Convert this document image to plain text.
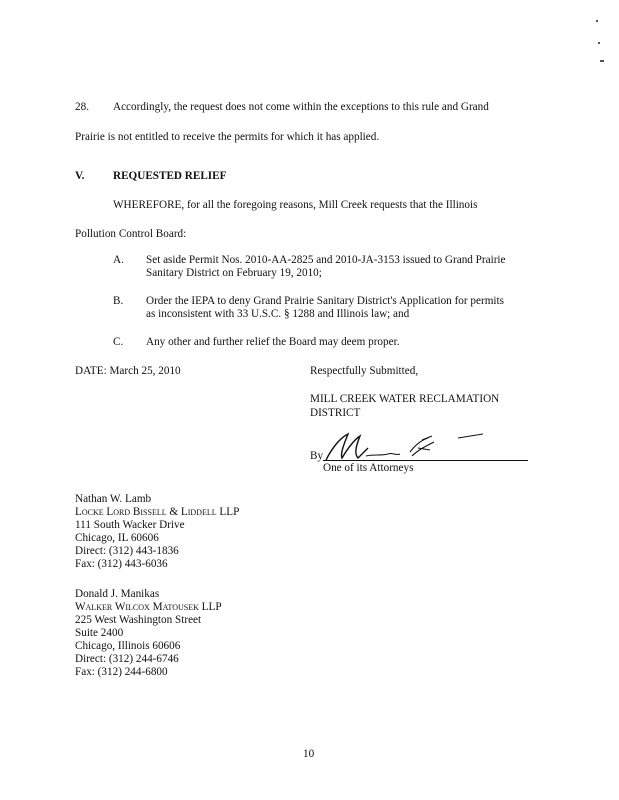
28. Accordingly, the request does not come within the exceptions to this rule and Grand
Prairie is not entitled to receive the permits for which it has applied.
V.	REQUESTED RELIEF
WHEREFORE, for all the foregoing reasons, Mill Creek requests that the Illinois
Pollution Control Board:
A. Set aside Permit Nos. 2010-AA-2825 and 2010-JA-3153 issued to Grand Prairie
Sanitary District on February 19, 2010;
B. Order the IEPA to deny Grand Prairie Sanitary District's Application for permits
as inconsistent with 33 U.S.C. § 1288 and Illinois law; and
C. Any other and further relief the Board may deem proper.
DATE: March 25, 2010	Respectfully Submitted,
MILL CREEK WATER RECLAMATION
DISTRICT
By
One of its Attorneys
Nathan W. Lamb
Locke Lord Bissell & Liddell LLP
111 South Wacker Drive
Chicago, IL 60606
Direct: (312) 443-1836
Fax: (312) 443-6036
Donald J. Manikas
Walker Wilcox Matousek LLP
225 West Washington Street
Suite 2400
Chicago, Illinois 60606
Direct: (312) 244-6746
Fax: (312) 244-6800
10
